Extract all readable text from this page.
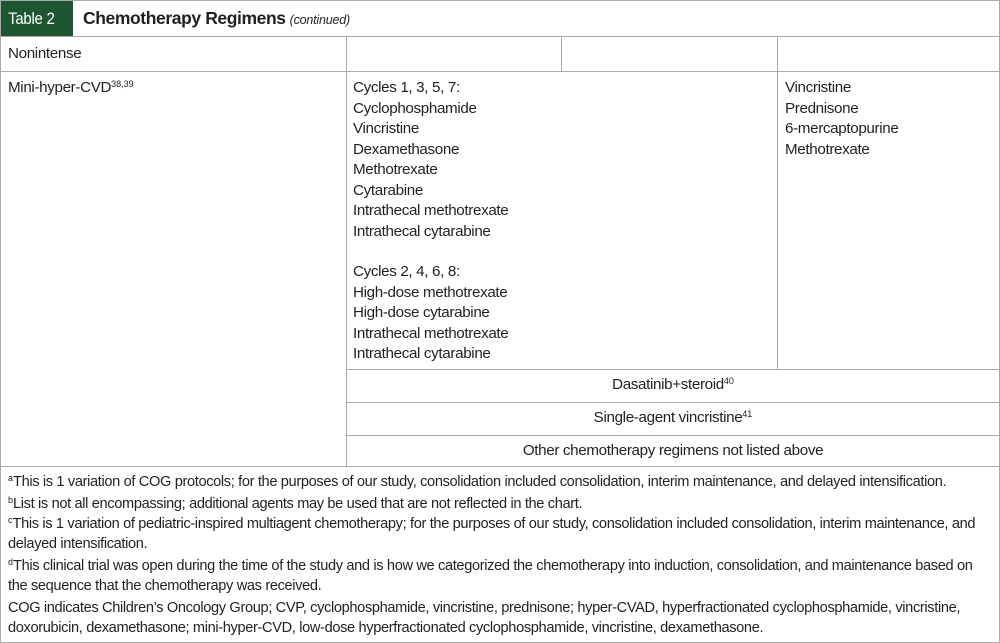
Table 2	Chemotherapy Regimens (continued)
Nonintense
Mini-hyper-CVD$^{38,39}$	Cycles 1, 3, 5, 7:
Cyclophosphamide
Vincristine
Dexamethasone
Methotrexate
Cytarabine
Intrathecal methotrexate
Intrathecal cytarabine
Cycles 2, 4, 6, 8:
High-dose methotrexate
High-dose cytarabine
Intrathecal methotrexate
Intrathecal cytarabine
Vincristine
Prednisone
6-mercaptopurine
Methotrexate
Dasatinib+steroid$^{40}$
Single-agent vincristine$^{41}$
Other chemotherapy regimens not listed above
$^a$This is 1 variation of COG protocols; for the purposes of our study, consolidation included consolidation, interim maintenance, and delayed intensification.
$^b$List is not all encompassing; additional agents may be used that are not reflected in the chart.
$^c$This is 1 variation of pediatric-inspired multiagent chemotherapy; for the purposes of our study, consolidation included consolidation, interim maintenance, and delayed intensification.
$^d$This clinical trial was open during the time of the study and is how we categorized the chemotherapy into induction, consolidation, and maintenance based on the sequence that the chemotherapy was received.
COG indicates Children’s Oncology Group; CVP, cyclophosphamide, vincristine, prednisone; hyper-CVAD, hyperfractionated cyclophosphamide, vincristine, doxorubicin, dexamethasone; mini-hyper-CVD, low-dose hyperfractionated cyclophosphamide, vincristine, dexamethasone.
